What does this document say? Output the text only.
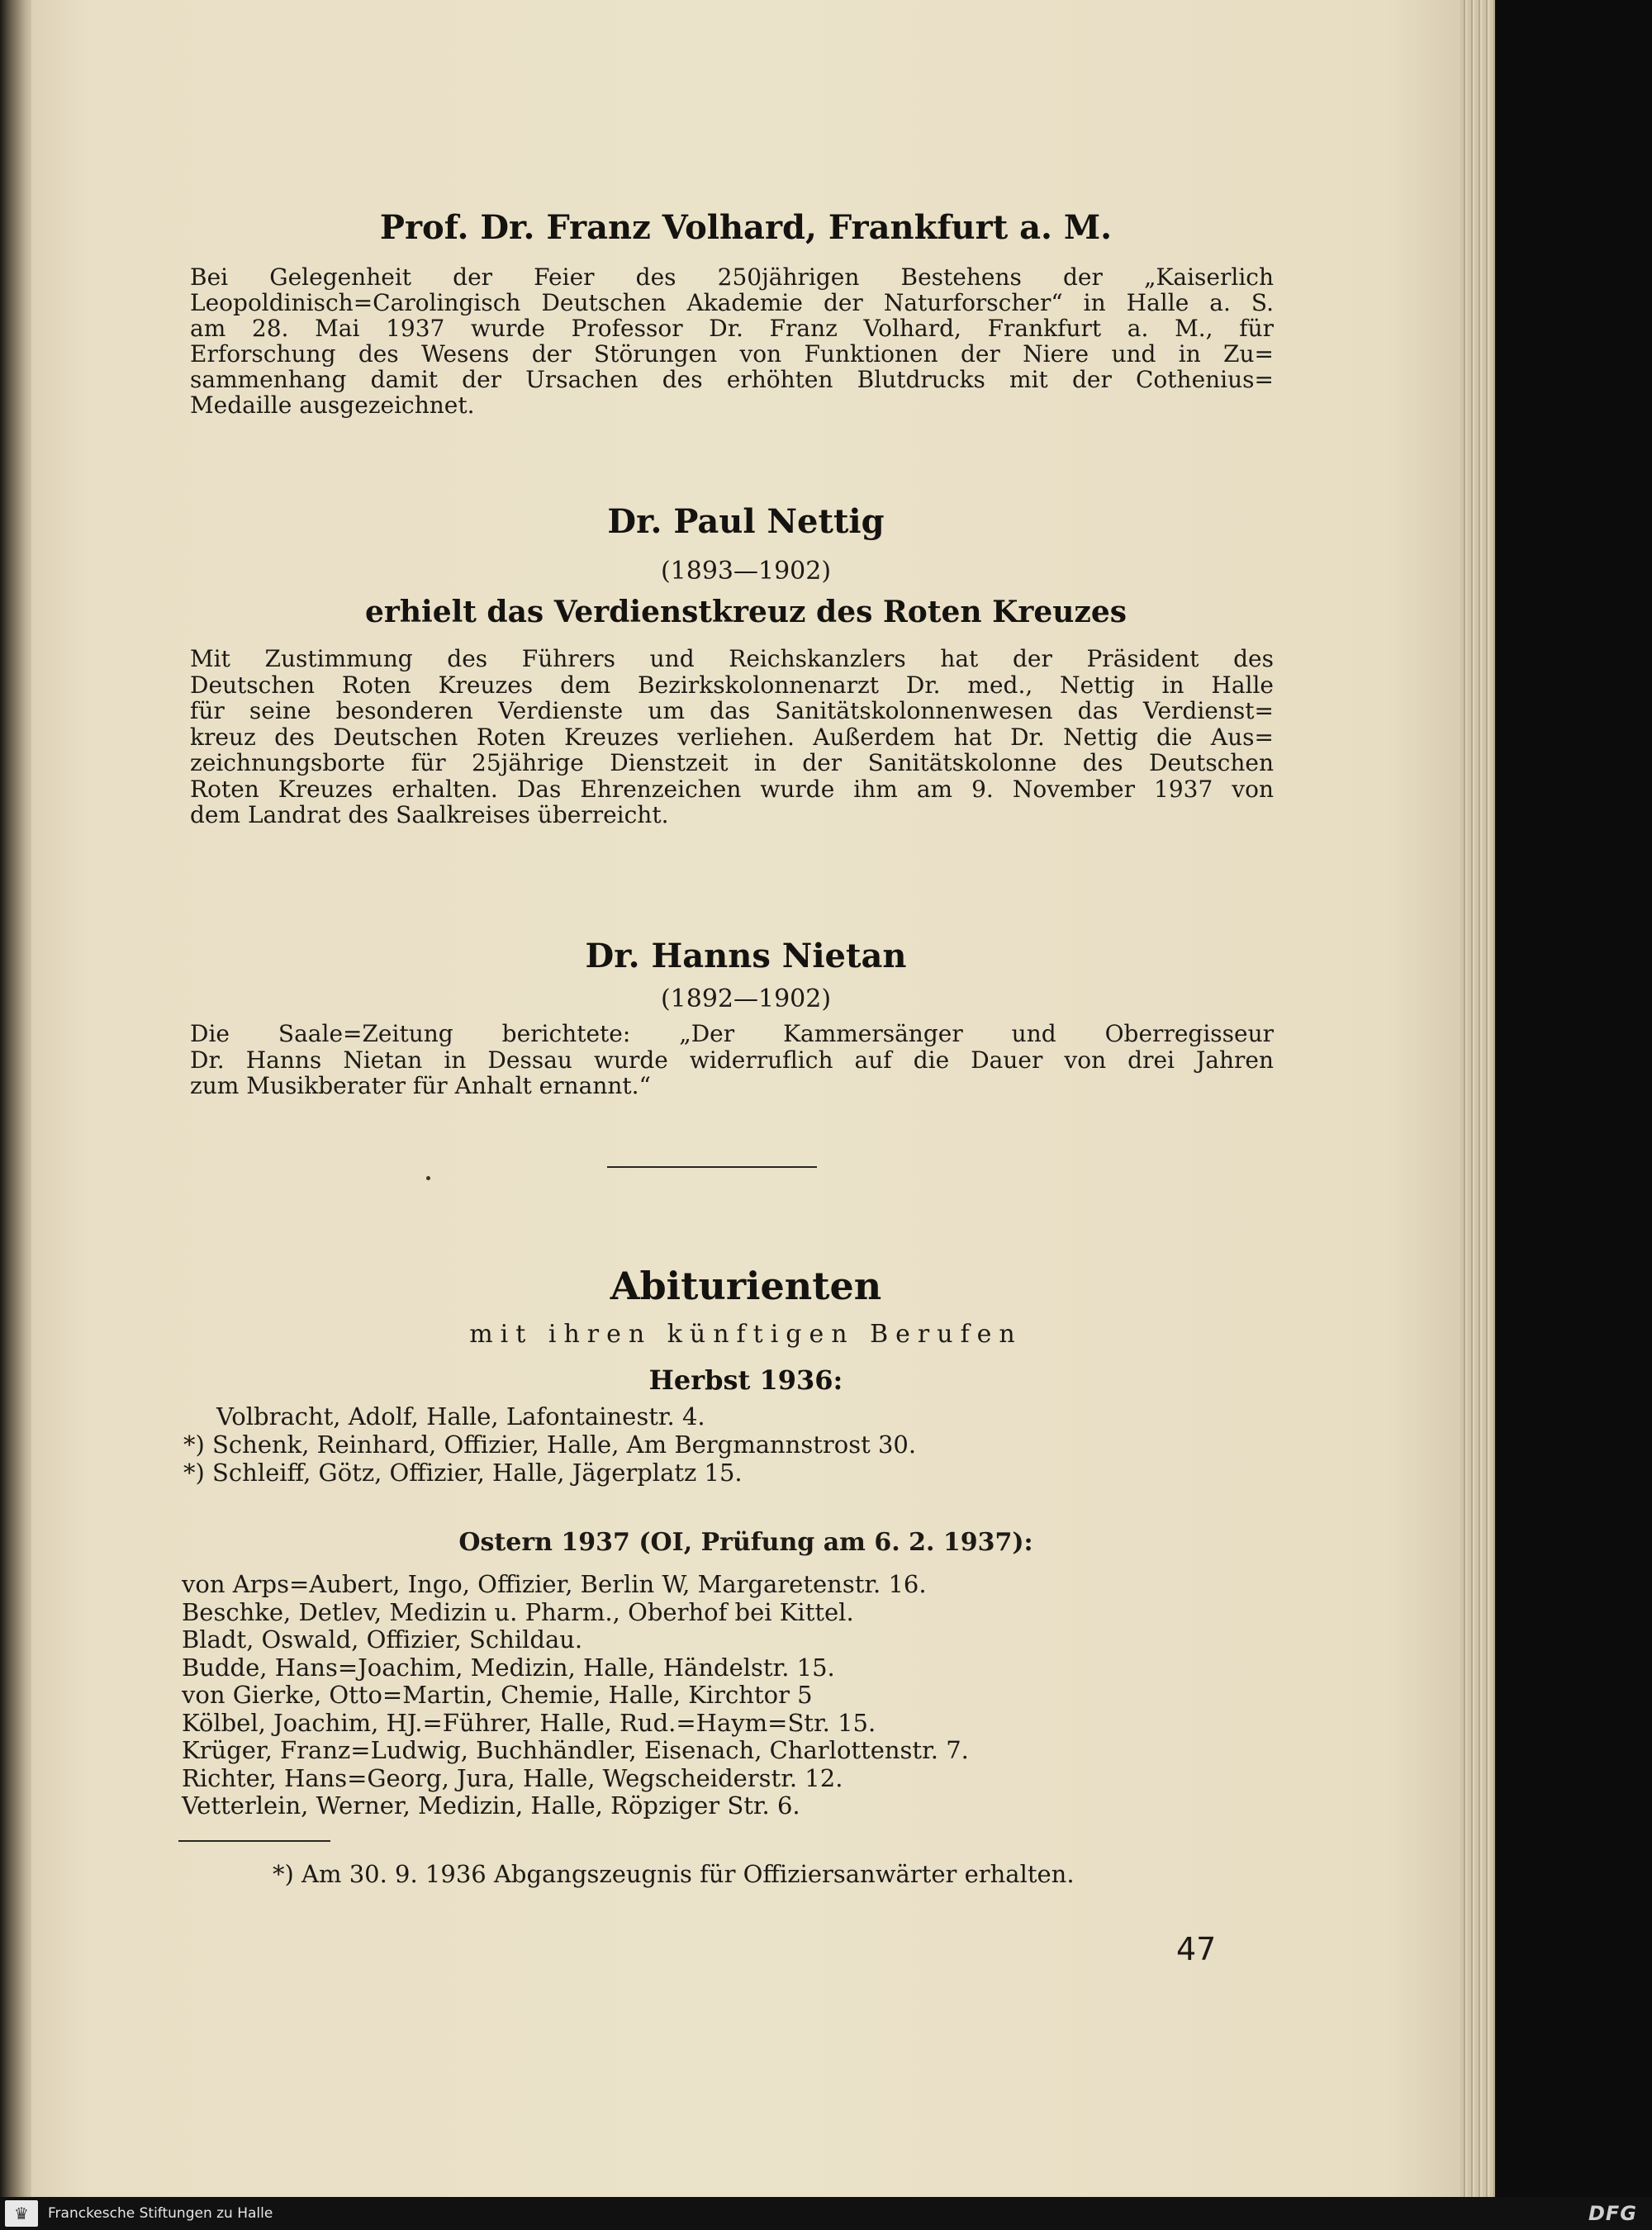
Prof. Dr. Franz Volhard, Frankfurt a. M.
Bei Gelegenheit der Feier des 250jährigen Bestehens der „Kaiserlich
Leopoldinisch=Carolingisch Deutschen Akademie der Naturforscher“ in Halle a. S.
am 28. Mai 1937 wurde Professor Dr. Franz Volhard, Frankfurt a. M., für
Erforschung des Wesens der Störungen von Funktionen der Niere und in Zu=
sammenhang damit der Ursachen des erhöhten Blutdrucks mit der Cothenius=
Medaille ausgezeichnet.
Dr. Paul Nettig
(1893—1902)
erhielt das Verdienstkreuz des Roten Kreuzes
Mit Zustimmung des Führers und Reichskanzlers hat der Präsident des
Deutschen Roten Kreuzes dem Bezirkskolonnenarzt Dr. med., Nettig in Halle
für seine besonderen Verdienste um das Sanitätskolonnenwesen das Verdienst=
kreuz des Deutschen Roten Kreuzes verliehen. Außerdem hat Dr. Nettig die Aus=
zeichnungsborte für 25jährige Dienstzeit in der Sanitätskolonne des Deutschen
Roten Kreuzes erhalten. Das Ehrenzeichen wurde ihm am 9. November 1937 von
dem Landrat des Saalkreises überreicht.
Dr. Hanns Nietan
(1892—1902)
Die Saale=Zeitung berichtete: „Der Kammersänger und Oberregisseur
Dr. Hanns Nietan in Dessau wurde widerruflich auf die Dauer von drei Jahren
zum Musikberater für Anhalt ernannt.“
Abiturienten
mit ihren künftigen Berufen
Herbst 1936:
Volbracht, Adolf, Halle, Lafontainestr. 4.
*) Schenk, Reinhard, Offizier, Halle, Am Bergmannstrost 30.
*) Schleiff, Götz, Offizier, Halle, Jägerplatz 15.
Ostern 1937 (OI, Prüfung am 6. 2. 1937):
von Arps=Aubert, Ingo, Offizier, Berlin W, Margaretenstr. 16.
Beschke, Detlev, Medizin u. Pharm., Oberhof bei Kittel.
Bladt, Oswald, Offizier, Schildau.
Budde, Hans=Joachim, Medizin, Halle, Händelstr. 15.
von Gierke, Otto=Martin, Chemie, Halle, Kirchtor 5
Kölbel, Joachim, HJ.=Führer, Halle, Rud.=Haym=Str. 15.
Krüger, Franz=Ludwig, Buchhändler, Eisenach, Charlottenstr. 7.
Richter, Hans=Georg, Jura, Halle, Wegscheiderstr. 12.
Vetterlein, Werner, Medizin, Halle, Röpziger Str. 6.
*) Am 30. 9. 1936 Abgangszeugnis für Offiziersanwärter erhalten.
47
♛	Franckesche Stiftungen zu Halle	DFG
